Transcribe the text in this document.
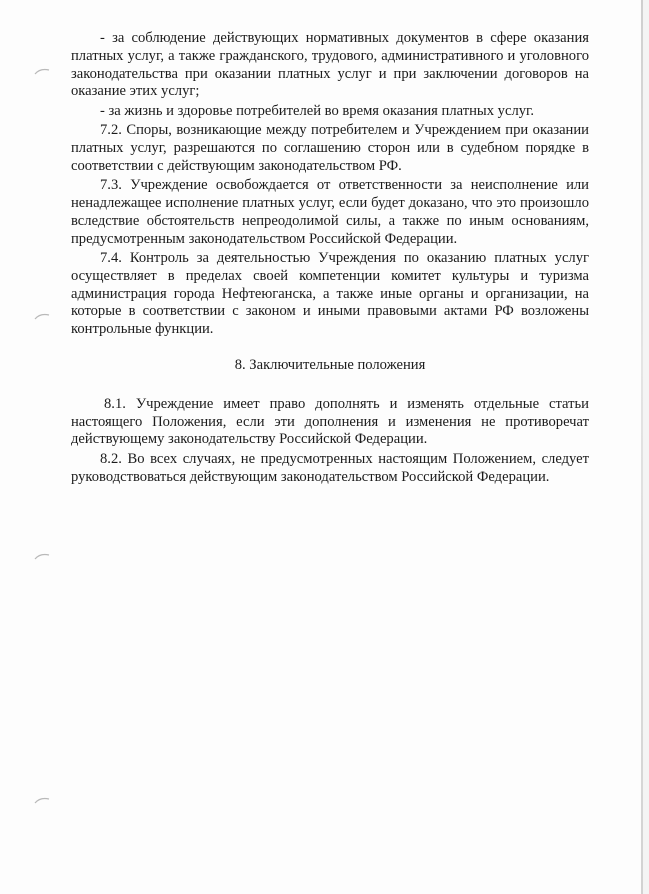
- за соблюдение действующих нормативных документов в сфере оказания платных услуг, а также гражданского, трудового, административного и уголовного законодательства при оказании платных услуг и при заключении договоров на оказание этих услуг;

- за жизнь и здоровье потребителей во время оказания платных услуг.

7.2. Споры, возникающие между потребителем и Учреждением при оказании платных услуг, разрешаются по соглашению сторон или в судебном порядке в соответствии с действующим законодательством РФ.

7.3. Учреждение освобождается от ответственности за неисполнение или ненадлежащее исполнение платных услуг, если будет доказано, что это произошло вследствие обстоятельств непреодолимой силы, а также по иным основаниям, предусмотренным законодательством Российской Федерации.

7.4. Контроль за деятельностью Учреждения по оказанию платных услуг осуществляет в пределах своей компетенции комитет культуры и туризма администрация города Нефтеюганска, а также иные органы и организации, на которые в соответствии с законом и иными правовыми актами РФ возложены контрольные функции.

8. Заключительные положения

8.1. Учреждение имеет право дополнять и изменять отдельные статьи настоящего Положения, если эти дополнения и изменения не противоречат действующему законодательству Российской Федерации.

8.2. Во всех случаях, не предусмотренных настоящим Положением, следует руководствоваться действующим законодательством Российской Федерации.
